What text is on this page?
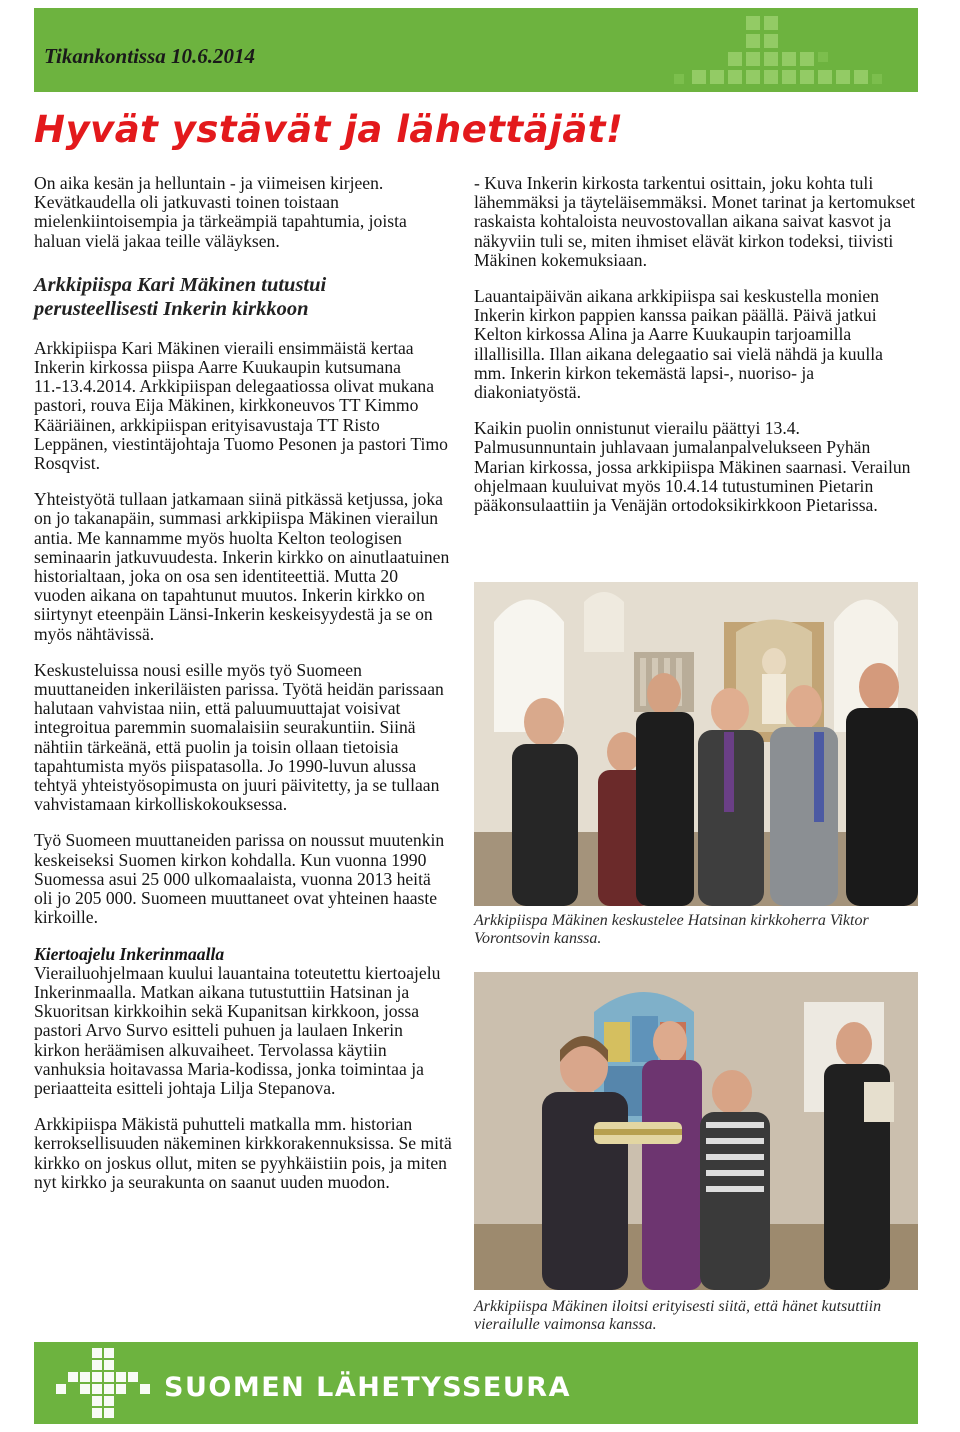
Tikankontissa 10.6.2014
Hyvät ystävät ja lähettäjät!

On aika kesän ja helluntain - ja viimeisen kirjeen. Kevätkaudella oli jatkuvasti toinen toistaan mielenkiintoisempia ja tärkeämpiä tapahtumia, joista haluan vielä jakaa teille väläyksen.

Arkkipiispa Kari Mäkinen tutustui perusteellisesti Inkerin kirkkoon

Arkkipiispa Kari Mäkinen vieraili ensimmäistä kertaa Inkerin kirkossa piispa Aarre Kuukaupin kutsumana 11.-13.4.2014. Arkkipiispan delegaatiossa olivat mukana pastori, rouva Eija Mäkinen, kirkkoneuvos TT Kimmo Kääriäinen, arkkipiispan erityisavustaja TT Risto Leppänen, viestintäjohtaja Tuomo Pesonen ja pastori Timo Rosqvist.

Yhteistyötä tullaan jatkamaan siinä pitkässä ketjussa, joka on jo takanapäin, summasi arkkipiispa Mäkinen vierailun antia. Me kannamme myös huolta Kelton teologisen seminaarin jatkuvuudesta. Inkerin kirkko on ainutlaatuinen historialtaan, joka on osa sen identiteettiä. Mutta 20 vuoden aikana on tapahtunut muutos. Inkerin kirkko on siirtynyt eteenpäin Länsi-Inkerin keskeisyydestä ja se on myös nähtävissä.

Keskusteluissa nousi esille myös työ Suomeen muuttaneiden inkeriläisten parissa. Työtä heidän parissaan halutaan vahvistaa niin, että paluumuuttajat voisivat integroitua paremmin suomalaisiin seurakuntiin. Siinä nähtiin tärkeänä, että puolin ja toisin ollaan tietoisia tapahtumista myös piispatasolla. Jo 1990-luvun alussa tehtyä yhteistyösopimusta on juuri päivitetty, ja se tullaan vahvistamaan kirkolliskokouksessa.

Työ Suomeen muuttaneiden parissa on noussut muutenkin keskeiseksi Suomen kirkon kohdalla. Kun vuonna 1990 Suomessa asui 25 000 ulkomaalaista, vuonna 2013 heitä oli jo 205 000. Suomeen muuttaneet ovat yhteinen haaste kirkoille.

Kiertoajelu Inkerinmaalla
Vierailuohjelmaan kuului lauantaina toteutettu kiertoajelu Inkerinmaalla. Matkan aikana tutustuttiin Hatsinan ja Skuoritsan kirkkoihin sekä Kupanitsan kirkkoon, jossa pastori Arvo Survo esitteli puhuen ja laulaen Inkerin kirkon heräämisen alkuvaiheet. Tervolassa käytiin vanhuksia hoitavassa Maria-kodissa, jonka toimintaa ja periaatteita esitteli johtaja Lilja Stepanova.

Arkkipiispa Mäkistä puhutteli matkalla mm. historian kerroksellisuuden näkeminen kirkkorakennuksissa. Se mitä kirkko on joskus ollut, miten se pyyhkäistiin pois, ja miten nyt kirkko ja seurakunta on saanut uuden muodon.

- Kuva Inkerin kirkosta tarkentui osittain, joku kohta tuli lähemmäksi ja täyteläisemmäksi. Monet tarinat ja kertomukset raskaista kohtaloista neuvostovallan aikana saivat kasvot ja näkyviin tuli se, miten ihmiset elävät kirkon todeksi, tiivisti Mäkinen kokemuksiaan.

Lauantaipäivän aikana arkkipiispa sai keskustella monien Inkerin kirkon pappien kanssa paikan päällä. Päivä jatkui Kelton kirkossa Alina ja Aarre Kuukaupin tarjoamilla illallisilla. Illan aikana delegaatio sai vielä nähdä ja kuulla mm. Inkerin kirkon tekemästä lapsi-, nuoriso- ja diakoniatyöstä.

Kaikin puolin onnistunut vierailu päättyi 13.4. Palmusunnuntain juhlavaan jumalanpalvelukseen Pyhän Marian kirkossa, jossa arkkipiispa Mäkinen saarnasi. Verailun ohjelmaan kuuluivat myös 10.4.14 tutustuminen Pietarin pääkonsulaattiin ja Venäjän ortodoksikirkkoon Pietarissa.

Arkkipiispa Mäkinen keskustelee Hatsinan kirkkoherra Viktor Vorontsovin kanssa.
Arkkipiispa Mäkinen iloitsi erityisesti siitä, että hänet kutsuttiin vierailulle vaimonsa kanssa.
SUOMEN LÄHETYSSEURA
